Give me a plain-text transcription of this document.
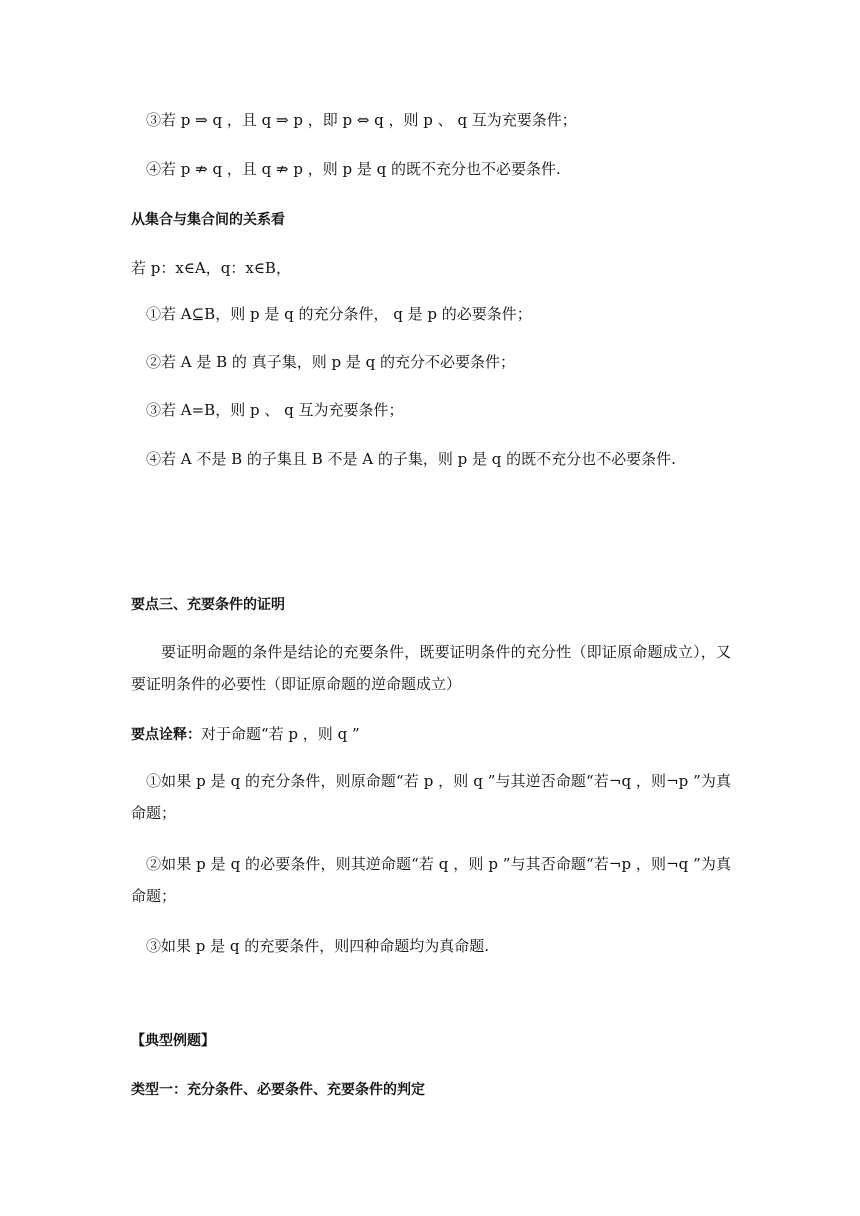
③若 p ⇒ q ，且 q ⇒ p ，即 p ⇔ q ，则 p 、 q 互为充要条件；
④若 p ⇏ q ，且 q ⇏ p ，则 p 是 q 的既不充分也不必要条件.
从集合与集合间的关系看
若 p：x∈A，q：x∈B，
①若 A⊆B，则 p 是 q 的充分条件， q 是 p 的必要条件；
②若 A 是 B 的 真子集，则 p 是 q 的充分不必要条件；
③若 A=B，则 p 、 q 互为充要条件；
④若 A 不是 B 的子集且 B 不是 A 的子集，则 p 是 q 的既不充分也不必要条件.
要点三、充要条件的证明
要证明命题的条件是结论的充要条件，既要证明条件的充分性（即证原命题成立），又要证明条件的必要性（即证原命题的逆命题成立）
要点诠释：对于命题“若 p ，则 q ”
①如果 p 是 q 的充分条件，则原命题“若 p ，则 q ”与其逆否命题“若¬q ，则¬p ”为真命题；
②如果 p 是 q 的必要条件，则其逆命题“若 q ，则 p ”与其否命题“若¬p ，则¬q ”为真命题；
③如果 p 是 q 的充要条件，则四种命题均为真命题.
【典型例题】
类型一：充分条件、必要条件、充要条件的判定
